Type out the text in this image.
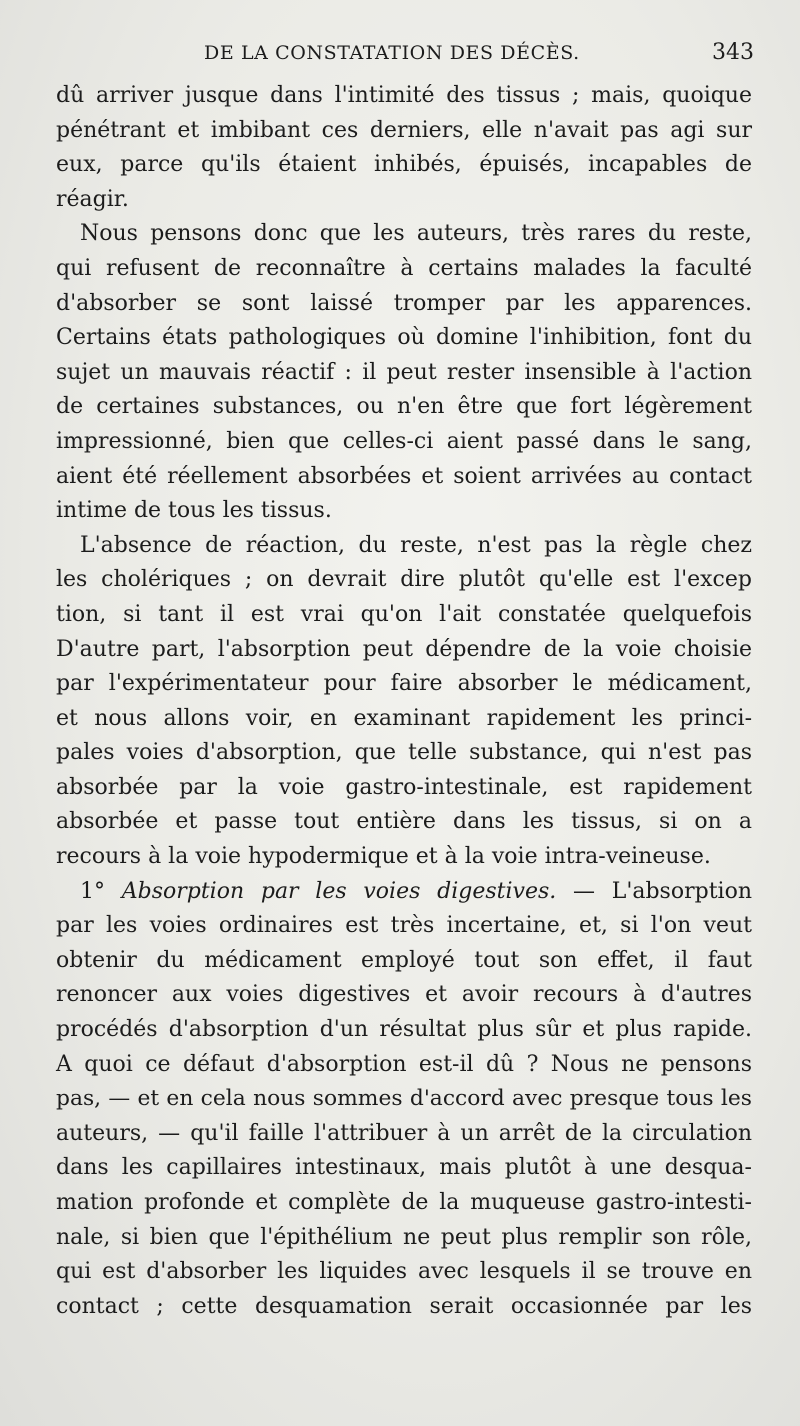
DE LA CONSTATATION DES DÉCÈS.	343
dû arriver jusque dans l'intimité des tissus ; mais, quoique
pénétrant et imbibant ces derniers, elle n'avait pas agi sur
eux, parce qu'ils étaient inhibés, épuisés, incapables de
réagir.
Nous pensons donc que les auteurs, très rares du reste,
qui refusent de reconnaître à certains malades la faculté
d'absorber se sont laissé tromper par les apparences.
Certains états pathologiques où domine l'inhibition, font du
sujet un mauvais réactif : il peut rester insensible à l'action
de certaines substances, ou n'en être que fort légèrement
impressionné, bien que celles-ci aient passé dans le sang,
aient été réellement absorbées et soient arrivées au contact
intime de tous les tissus.
L'absence de réaction, du reste, n'est pas la règle chez
les cholériques ; on devrait dire plutôt qu'elle est l'excep
tion, si tant il est vrai qu'on l'ait constatée quelquefois
D'autre part, l'absorption peut dépendre de la voie choisie
par l'expérimentateur pour faire absorber le médicament,
et nous allons voir, en examinant rapidement les princi-
pales voies d'absorption, que telle substance, qui n'est pas
absorbée par la voie gastro-intestinale, est rapidement
absorbée et passe tout entière dans les tissus, si on a
recours à la voie hypodermique et à la voie intra-veineuse.
1° Absorption par les voies digestives. — L'absorption
par les voies ordinaires est très incertaine, et, si l'on veut
obtenir du médicament employé tout son effet, il faut
renoncer aux voies digestives et avoir recours à d'autres
procédés d'absorption d'un résultat plus sûr et plus rapide.
A quoi ce défaut d'absorption est-il dû ? Nous ne pensons
pas, — et en cela nous sommes d'accord avec presque tous les
auteurs, — qu'il faille l'attribuer à un arrêt de la circulation
dans les capillaires intestinaux, mais plutôt à une desqua-
mation profonde et complète de la muqueuse gastro-intesti-
nale, si bien que l'épithélium ne peut plus remplir son rôle,
qui est d'absorber les liquides avec lesquels il se trouve en
contact ; cette desquamation serait occasionnée par les
